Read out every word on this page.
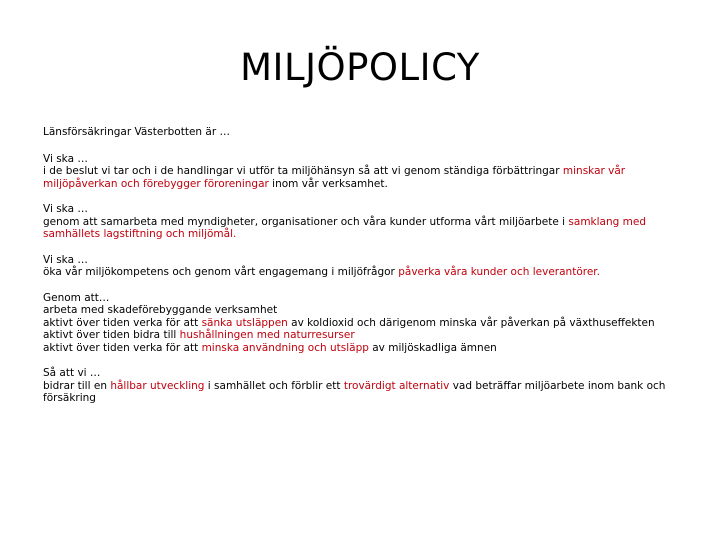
MILJÖPOLICY

Länsförsäkringar Västerbotten är …

Vi ska …

i de beslut vi tar och i de handlingar vi utför ta miljöhänsyn så att vi genom ständiga förbättringar minskar vår miljöpåverkan och förebygger föroreningar inom vår verksamhet.

Vi ska …

genom att samarbeta med myndigheter, organisationer och våra kunder utforma vårt miljöarbete i samklang med samhällets lagstiftning och miljömål.

Vi ska …

öka vår miljökompetens och genom vårt engagemang i miljöfrågor påverka våra kunder och leverantörer.

Genom att…

arbeta med skadeförebyggande verksamhet

aktivt över tiden verka för att sänka utsläppen av koldioxid och därigenom minska vår påverkan på växthuseffekten

aktivt över tiden bidra till hushållningen med naturresurser

aktivt över tiden verka för att minska användning och utsläpp av miljöskadliga ämnen

Så att vi …

bidrar till en hållbar utveckling i samhället och förblir ett trovärdigt alternativ vad beträffar miljöarbete inom bank och försäkring
